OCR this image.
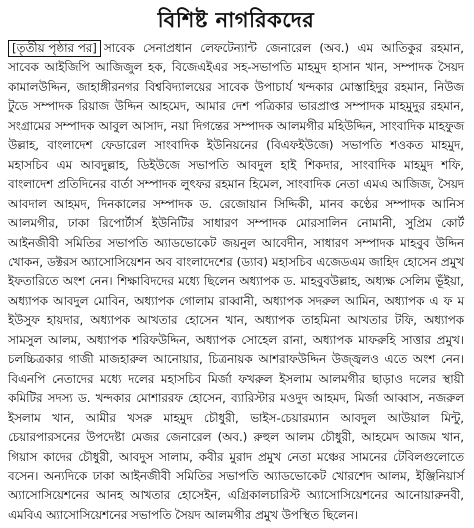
বিশিষ্ট নাগরিকদের

[তৃতীয় পৃষ্ঠার পর] সাবেক সেনাপ্রধান লেফটেন্যান্ট জেনারেল (অব.) এম আতিকুর রহমান, সাবেক আইজিপি আজিজুল হক, বিজেএইএর সহ-সভাপতি মাহমুদ হাসান খান, সম্পাদক সৈয়দ কামালউদ্দিন, জাহাঙ্গীরনগর বিশ্ববিদ্যালয়ের সাবেক উপাচার্য খন্দকার মোস্তাহিদুর রহমান, নিউজ টুডে সম্পাদক রিয়াজ উদ্দিন আহমেদ, আমার দেশ পত্রিকার ভারপ্রাপ্ত সম্পাদক মাহমুদুর রহমান, সংগ্রামের সম্পাদক আবুল আসাদ, নয়া দিগন্তের সম্পাদক আলমগীর মহিউদ্দিন, সাংবাদিক মাহফুজ উল্লাহ, বাংলাদেশ ফেডারেল সাংবাদিক ইউনিয়নের (বিএফইউজে) সভাপতি শওকত মাহমুদ, মহাসচিব এম আবদুল্লাহ, ডিইউজে সভাপতি আবদুল হাই শিকদার, সাংবাদিক মাহমুদ শফি, বাংলাদেশ প্রতিদিনের বার্তা সম্পাদক লুৎফর রহমান হিমেল, সাংবাদিক নেতা এমএ আজিজ, সৈয়দ আবদাল আহমদ, দিনকালের সম্পাদক ড. রেজোয়ান সিদ্দিকী, মানব কণ্ঠের সম্পাদক আনিস আলমগীর, ঢাকা রিপোর্টার্স ইউনিটির সাধারণ সম্পাদক মোরসালিন নোমানী, সুপ্রিম কোর্ট আইনজীবী সমিতির সভাপতি অ্যাডভোকেট জয়নুল আবেদীন, সাধারণ সম্পাদক মাহবুব উদ্দিন খোকন, ডক্টরস অ্যাসোসিয়েশন অব বাংলাদেশের (ড্যাব) মহাসচিব এজেডএম জাহিদ হোসেন প্রমুখ ইফতারিতে অংশ নেন। শিক্ষাবিদদের মধ্যে ছিলেন অধ্যাপক ড. মাহবুবউল্লাহ, অধ্যক্ষ সেলিম ভূঁইয়া, অধ্যাপক আবদুল মোবিন, অধ্যাপক গোলাম রাব্বানী, অধ্যাপক সদরুল আমিন, অধ্যাপক এ ফ ম ইউসুফ হায়দার, অধ্যাপক আখতার হোসেন খান, অধ্যাপক তাহমিনা আখতার টফি, অধ্যাপক সামসুল আলম, অধ্যাপক শরিফউদ্দিন, অধ্যাপক সোহেল রানা, অধ্যাপক মাফরুহি সাত্তার প্রমুখ। চলচ্চিত্রকার গাজী মাজহারুল আনোয়ার, চিত্রনায়ক আশরাফউদ্দিন উজ্জ্বলও এতে অংশ নেন। বিএনপি নেতাদের মধ্যে দলের মহাসচিব মির্জা ফখরুল ইসলাম আলমগীর ছাড়াও দলের স্থায়ী কমিটির সদস্য ড. খন্দকার মোশাররফ হোসেন, ব্যারিস্টার মওদুদ আহমদ, মির্জা আব্বাস, নজরুল ইসলাম খান, আমীর খসরু মাহমুদ চৌধুরী, ভাইস-চেয়ারম্যান আবদুল আউয়াল মিন্টু, চেয়ারপারসনের উপদেষ্টা মেজর জেনারেল (অব.) রুহুল আলম চৌধুরী, আহমেদ আজম খান, গিয়াস কাদের চৌধুরী, আবদুস সালাম, কবীর মুরাদ প্রমুখ নেতা মঞ্চের সামনের টেবিলগুলোতে বসেন। অন্যদিকে ঢাকা আইনজীবী সমিতির সভাপতি অ্যাডভোকেট খোরশেদ আলম, ইঞ্জিনিয়ার্স অ্যাসোসিয়েশনের আনহ আখতার হোসেইন, এগ্রিকালচারিস্ট অ্যাসোসিয়েশনের আনোয়ারুনবী, এমবিএ অ্যাসোসিয়েশনের সভাপতি সৈয়দ আলমগীর প্রমুখ উপস্থিত ছিলেন।
